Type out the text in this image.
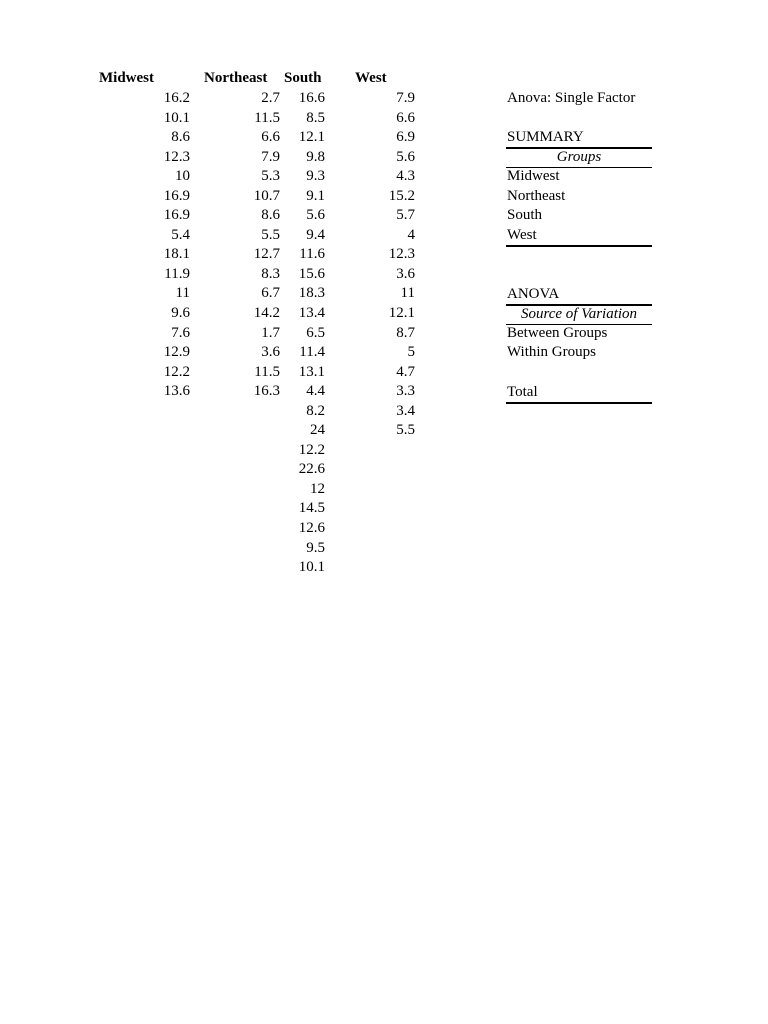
Midwest	Northeast South West
16.2
10.1
8.6
12.3
10
16.9
16.9
5.4
18.1
11.9
11
9.6
7.6
12.9
12.2
13.6
2.7
11.5
6.6
7.9
5.3
10.7
8.6
5.5
12.7
8.3
6.7
14.2
1.7
3.6
11.5
16.3
16.6
8.5
12.1
9.8
9.3
9.1
5.6
9.4
11.6
15.6
18.3
13.4
6.5
11.4
13.1
4.4
8.2
24
12.2
22.6
12
14.5
12.6
9.5
10.1
7.9
6.6
6.9
5.6
4.3
15.2
5.7
4
12.3
3.6
11
12.1
8.7
5
4.7
3.3
3.4
5.5
Anova: Single Factor
SUMMARY
Groups
Midwest
Northeast
South
West
ANOVA
Source of Variation
Between Groups
Within Groups
Total
